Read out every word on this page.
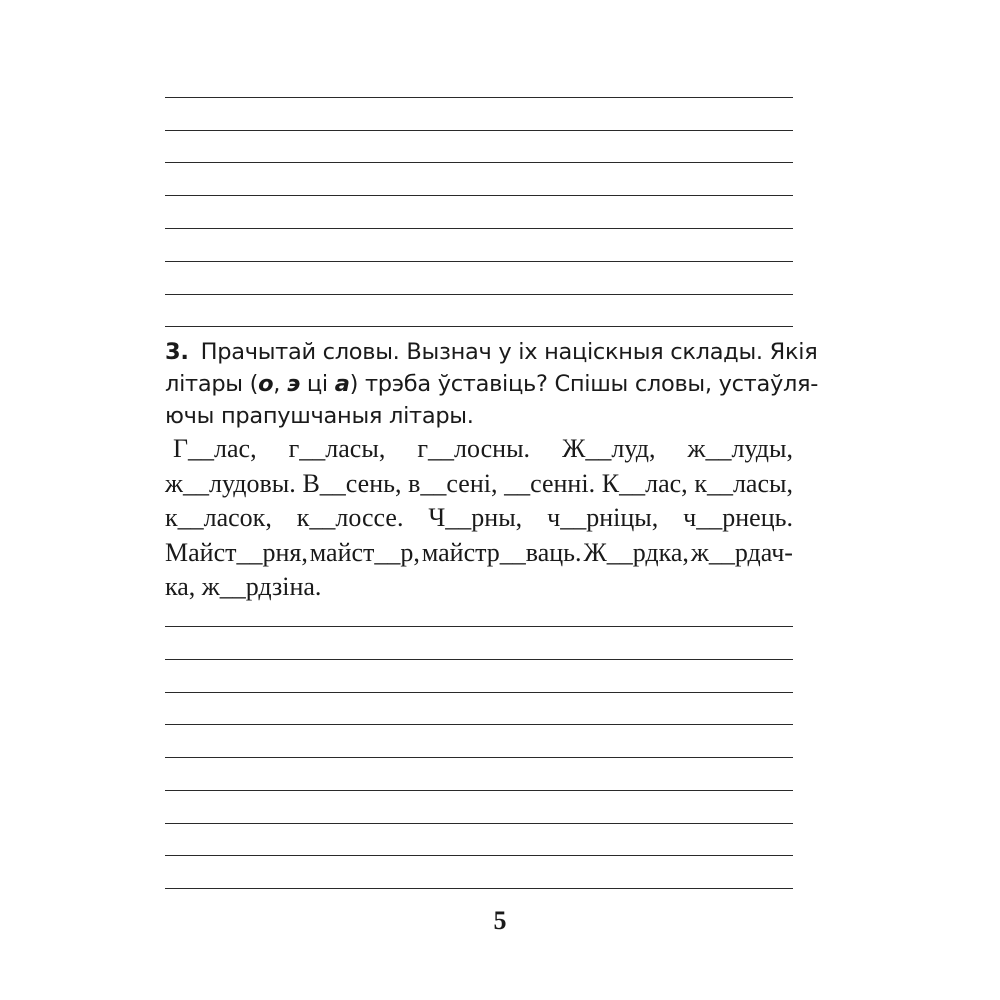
3. Прачытай словы. Вызнач у іх націскныя склады. Якія
літары (о, э ці а) трэба ўставіць? Спішы словы, устаўля-
ючы прапушчаныя літары.
Г__лас, г__ласы, г__лосны. Ж__луд, ж__луды,
ж__лудовы. В__сень, в__сені, __сенні. К__лас, к__ласы,
к__ласок, к__лоссе. Ч__рны, ч__рніцы, ч__рнець.
Майст__рня, майст__р, майстр__ваць. Ж__рдка, ж__рдач-
ка,
ж__рдзіна.
5
